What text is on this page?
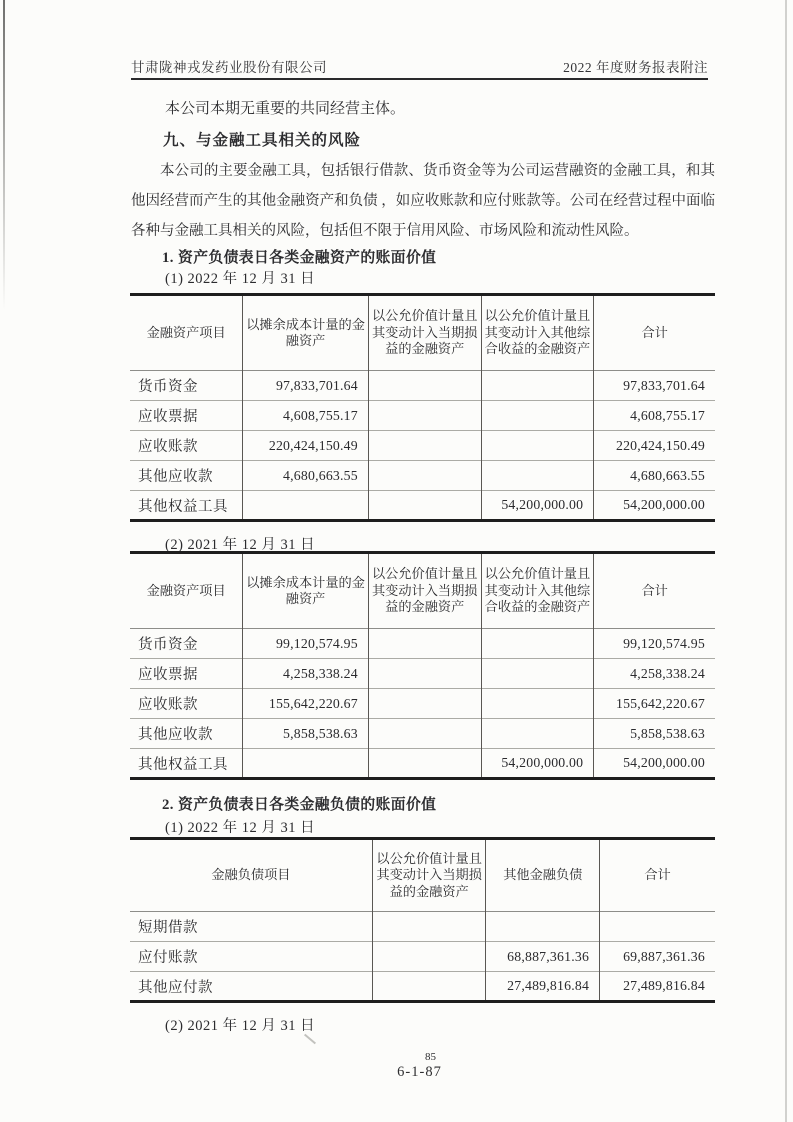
甘肃陇神戎发药业股份有限公司	2022 年度财务报表附注
本公司本期无重要的共同经营主体。
九、与金融工具相关的风险
本公司的主要金融工具，包括银行借款、货币资金等为公司运营融资的金融工具，和其他因经营而产生的其他金融资产和负债 ，如应收账款和应付账款等。公司在经营过程中面临各种与金融工具相关的风险，包括但不限于信用风险、市场风险和流动性风险。
1. 资产负债表日各类金融资产的账面价值
(1) 2022 年 12 月 31 日
金融资产项目	以摊余成本计量的金融资产	以公允价值计量且其变动计入当期损益的金融资产	以公允价值计量且其变动计入其他综合收益的金融资产	合计
货币资金	97,833,701.64			97,833,701.64
应收票据	4,608,755.17			4,608,755.17
应收账款	220,424,150.49			220,424,150.49
其他应收款	4,680,663.55			4,680,663.55
其他权益工具			54,200,000.00	54,200,000.00
(2) 2021 年 12 月 31 日
金融资产项目	以摊余成本计量的金融资产	以公允价值计量且其变动计入当期损益的金融资产	以公允价值计量且其变动计入其他综合收益的金融资产	合计
货币资金	99,120,574.95			99,120,574.95
应收票据	4,258,338.24			4,258,338.24
应收账款	155,642,220.67			155,642,220.67
其他应收款	5,858,538.63			5,858,538.63
其他权益工具			54,200,000.00	54,200,000.00
2. 资产负债表日各类金融负债的账面价值
(1) 2022 年 12 月 31 日
金融负债项目	以公允价值计量且其变动计入当期损益的金融资产	其他金融负债	合计
短期借款			
应付账款		68,887,361.36	69,887,361.36
其他应付款		27,489,816.84	27,489,816.84
(2) 2021 年 12 月 31 日
85
6-1-87
